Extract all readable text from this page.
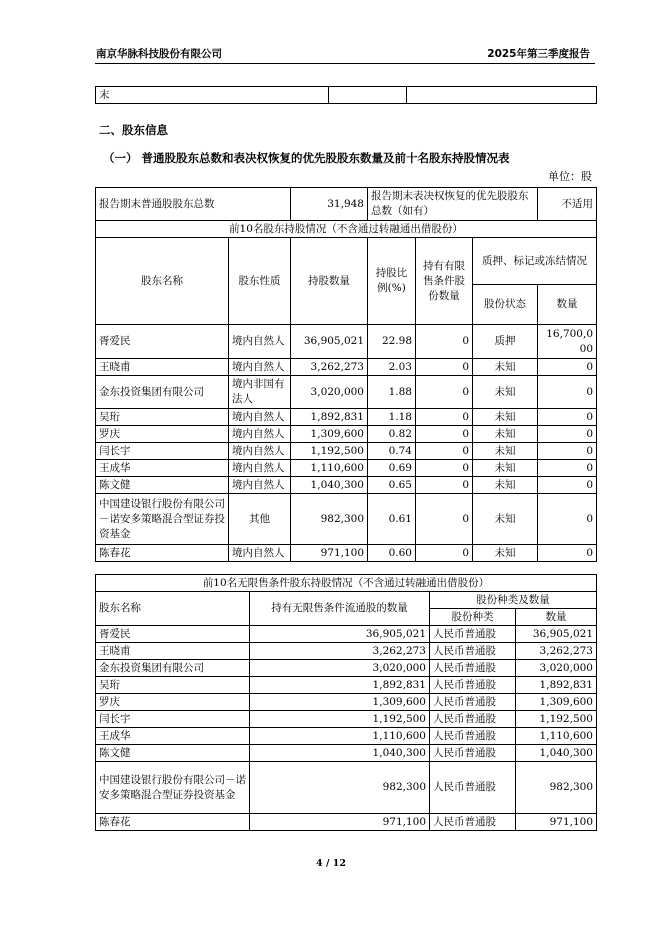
南京华脉科技股份有限公司	2025年第三季度报告
末		
二、股东信息
（一） 普通股股东总数和表决权恢复的优先股股东数量及前十名股东持股情况表
单位：股
报告期末普通股股东总数		31,948	报告期末表决权恢复的优先股股东总数（如有）			不适用
前10名股东持股情况（不含通过转融通出借股份）						
股东名称	股东性质	持股数量	持股比例(%)	持有有限售条件股份数量	质押、标记或冻结情况	
					股份状态	数量
胥爱民	境内自然人	36,905,021	22.98	0	质押	16,700,000
王晓甫	境内自然人	3,262,273	2.03	0	未知	0
金东投资集团有限公司	境内非国有法人	3,020,000	1.88	0	未知	0
吴珩	境内自然人	1,892,831	1.18	0	未知	0
罗庆	境内自然人	1,309,600	0.82	0	未知	0
闫长宇	境内自然人	1,192,500	0.74	0	未知	0
王成华	境内自然人	1,110,600	0.69	0	未知	0
陈文健	境内自然人	1,040,300	0.65	0	未知	0
中国建设银行股份有限公司－诺安多策略混合型证券投资基金	其他	982,300	0.61	0	未知	0
陈春花	境内自然人	971,100	0.60	0	未知	0
前10名无限售条件股东持股情况（不含通过转融通出借股份）			
股东名称	持有无限售条件流通股的数量	股份种类及数量	
		股份种类	数量
胥爱民	36,905,021	人民币普通股	36,905,021
王晓甫	3,262,273	人民币普通股	3,262,273
金东投资集团有限公司	3,020,000	人民币普通股	3,020,000
吴珩	1,892,831	人民币普通股	1,892,831
罗庆	1,309,600	人民币普通股	1,309,600
闫长宇	1,192,500	人民币普通股	1,192,500
王成华	1,110,600	人民币普通股	1,110,600
陈文健	1,040,300	人民币普通股	1,040,300
中国建设银行股份有限公司－诺安多策略混合型证券投资基金	982,300	人民币普通股	982,300
陈春花	971,100	人民币普通股	971,100
4 / 12
